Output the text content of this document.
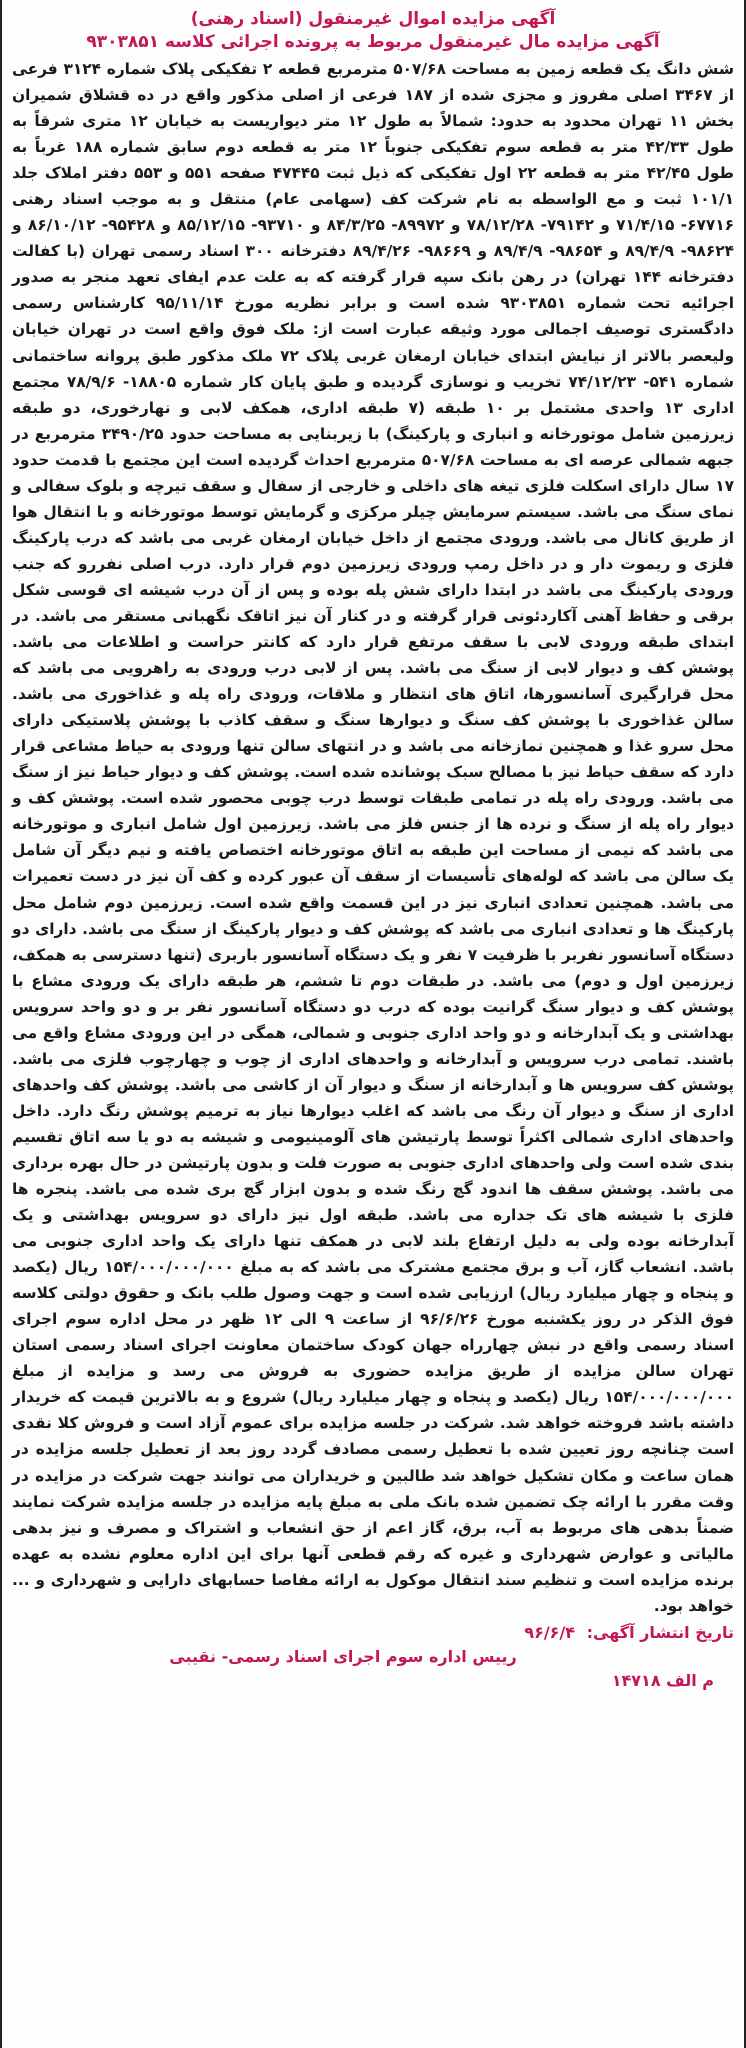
آگهی مزایده اموال غیرمنقول (اسناد رهنی)
آگهی مزایده مال غیرمنقول مربوط به پرونده اجرائی کلاسه ۹۳۰۳۸۵۱

شش دانگ یک قطعه زمین به مساحت ۵۰۷/۶۸ مترمربع قطعه ۲ تفکیکی پلاک شماره ۳۱۲۴ فرعی از ۳۴۶۷ اصلی مفروز و مجزی شده از ۱۸۷ فرعی از اصلی مذکور واقع در ده قشلاق شمیران بخش ۱۱ تهران محدود به حدود: شمالاً به طول ۱۲ متر دیواریست به خیابان ۱۲ متری شرقاً به طول ۴۲/۳۳ متر به قطعه سوم تفکیکی جنوباً ۱۲ متر به قطعه دوم سابق شماره ۱۸۸ غرباً به طول ۴۲/۴۵ متر به قطعه ۲۲ اول تفکیکی که ذیل ثبت ۴۷۴۴۵ صفحه ۵۵۱ و ۵۵۳ دفتر املاک جلد ۱۰۱/۱ ثبت و مع الواسطه به نام شرکت کف (سهامی عام) منتقل و به موجب اسناد رهنی ۶۷۷۱۶- ۷۱/۴/۱۵ و ۷۹۱۴۲- ۷۸/۱۲/۲۸ و ۸۹۹۷۲- ۸۴/۳/۲۵ و ۹۳۷۱۰- ۸۵/۱۲/۱۵ و ۹۵۴۲۸- ۸۶/۱۰/۱۲ و ۹۸۶۲۴- ۸۹/۴/۹ و ۹۸۶۵۴- ۸۹/۴/۹ و ۹۸۶۶۹- ۸۹/۴/۲۶ دفترخانه ۳۰۰ اسناد رسمی تهران (با کفالت دفترخانه ۱۴۴ تهران) در رهن بانک سپه قرار گرفته که به علت عدم ایفای تعهد منجر به صدور اجرائیه تحت شماره ۹۳۰۳۸۵۱ شده است و برابر نظریه مورخ ۹۵/۱۱/۱۴ کارشناس رسمی دادگستری توصیف اجمالی مورد وثیقه عبارت است از: ملک فوق واقع است در تهران خیابان ولیعصر بالاتر از نیایش ابتدای خیابان ارمغان غربی پلاک ۷۲ ملک مذکور طبق پروانه ساختمانی شماره ۵۴۱- ۷۴/۱۲/۲۳ تخریب و نوسازی گردیده و طبق پایان کار شماره ۱۸۸۰۵- ۷۸/۹/۶ مجتمع اداری ۱۳ واحدی مشتمل بر ۱۰ طبقه (۷ طبقه اداری، همکف لابی و نهارخوری، دو طبقه زیرزمین شامل موتورخانه و انباری و پارکینگ) با زیربنایی به مساحت حدود ۳۴۹۰/۲۵ مترمربع در جبهه شمالی عرصه ای به مساحت ۵۰۷/۶۸ مترمربع احداث گردیده است این مجتمع با قدمت حدود ۱۷ سال دارای اسکلت فلزی تیغه های داخلی و خارجی از سفال و سقف تیرچه و بلوک سفالی و نمای سنگ می باشد. سیستم سرمایش چیلر مرکزی و گرمایش توسط موتورخانه و با انتقال هوا از طریق کانال می باشد. ورودی مجتمع از داخل خیابان ارمغان غربی می باشد که درب پارکینگ فلزی و ریموت دار و در داخل رمپ ورودی زیرزمین دوم قرار دارد. درب اصلی نفررو که جنب ورودی پارکینگ می باشد در ابتدا دارای شش پله بوده و پس از آن درب شیشه ای قوسی شکل برقی و حفاظ آهنی آکاردئونی قرار گرفته و در کنار آن نیز اتاقک نگهبانی مستقر می باشد. در ابتدای طبقه ورودی لابی با سقف مرتفع قرار دارد که کانتر حراست و اطلاعات می باشد. پوشش کف و دیوار لابی از سنگ می باشد. پس از لابی درب ورودی به راهرویی می باشد که محل قرارگیری آسانسورها، اتاق های انتظار و ملاقات، ورودی راه پله و غذاخوری می باشد. سالن غذاخوری با پوشش کف سنگ و دیوارها سنگ و سقف کاذب با پوشش پلاستیکی دارای محل سرو غذا و همچنین نمازخانه می باشد و در انتهای سالن تنها ورودی به حیاط مشاعی قرار دارد که سقف حیاط نیز با مصالح سبک پوشانده شده است. پوشش کف و دیوار حیاط نیز از سنگ می باشد. ورودی راه پله در تمامی طبقات توسط درب چوبی محصور شده است. پوشش کف و دیوار راه پله از سنگ و نرده ها از جنس فلز می باشد. زیرزمین اول شامل انباری و موتورخانه می باشد که نیمی از مساحت این طبقه به اتاق موتورخانه اختصاص یافته و نیم دیگر آن شامل یک سالن می باشد که لوله‌های تأسیسات از سقف آن عبور کرده و کف آن نیز در دست تعمیرات می باشد. همچنین تعدادی انباری نیز در این قسمت واقع شده است. زیرزمین دوم شامل محل پارکینگ ها و تعدادی انباری می باشد که پوشش کف و دیوار پارکینگ از سنگ می باشد. دارای دو دستگاه آسانسور نفربر با ظرفیت ۷ نفر و یک دستگاه آسانسور باربری (تنها دسترسی به همکف، زیرزمین اول و دوم) می باشد. در طبقات دوم تا ششم، هر طبقه دارای یک ورودی مشاع با پوشش کف و دیوار سنگ گرانیت بوده که درب دو دستگاه آسانسور نفر بر و دو واحد سرویس بهداشتی و یک آبدارخانه و دو واحد اداری جنوبی و شمالی، همگی در این ورودی مشاع واقع می باشند. تمامی درب سرویس و آبدارخانه و واحدهای اداری از چوب و چهارچوب فلزی می باشد. پوشش کف سرویس ها و آبدارخانه از سنگ و دیوار آن از کاشی می باشد. پوشش کف واحدهای اداری از سنگ و دیوار آن رنگ می باشد که اغلب دیوارها نیاز به ترمیم پوشش رنگ دارد. داخل واحدهای اداری شمالی اکثراً توسط پارتیشن های آلومینیومی و شیشه به دو یا سه اتاق تقسیم بندی شده است ولی واحدهای اداری جنوبی به صورت فلت و بدون پارتیشن در حال بهره برداری می باشد. پوشش سقف ها اندود گچ رنگ شده و بدون ابزار گچ بری شده می باشد. پنجره ها فلزی با شیشه های تک جداره می باشد. طبقه اول نیز دارای دو سرویس بهداشتی و یک آبدارخانه بوده ولی به دلیل ارتفاع بلند لابی در همکف تنها دارای یک واحد اداری جنوبی می باشد. انشعاب گاز، آب و برق مجتمع مشترک می باشد که به مبلغ ۱۵۴/۰۰۰/۰۰۰/۰۰۰ ریال (یکصد و پنجاه و چهار میلیارد ریال) ارزیابی شده است و جهت وصول طلب بانک و حقوق دولتی کلاسه فوق الذکر در روز یکشنبه مورخ ۹۶/۶/۲۶ از ساعت ۹ الی ۱۲ ظهر در محل اداره سوم اجرای اسناد رسمی واقع در نبش چهارراه جهان کودک ساختمان معاونت اجرای اسناد رسمی استان تهران سالن مزایده از طریق مزایده حضوری به فروش می رسد و مزایده از مبلغ ۱۵۴/۰۰۰/۰۰۰/۰۰۰ ریال (یکصد و پنجاه و چهار میلیارد ریال) شروع و به بالاترین قیمت که خریدار داشته باشد فروخته خواهد شد. شرکت در جلسه مزایده برای عموم آزاد است و فروش کلا نقدی است چنانچه روز تعیین شده با تعطیل رسمی مصادف گردد روز بعد از تعطیل جلسه مزایده در همان ساعت و مکان تشکیل خواهد شد طالبین و خریداران می توانند جهت شرکت در مزایده در وقت مقرر با ارائه چک تضمین شده بانک ملی به مبلغ پایه مزایده در جلسه مزایده شرکت نمایند ضمناً بدهی های مربوط به آب، برق، گاز اعم از حق انشعاب و اشتراک و مصرف و نیز بدهی مالیاتی و عوارض شهرداری و غیره که رقم قطعی آنها برای این اداره معلوم نشده به عهده برنده مزایده است و تنظیم سند انتقال موکول به ارائه مفاصا حسابهای دارایی و شهرداری و ... خواهد بود.

تاریخ انتشار آگهی: ۹۶/۶/۴
رییس اداره سوم اجرای اسناد رسمی- نقیبی
م الف ۱۴۷۱۸
